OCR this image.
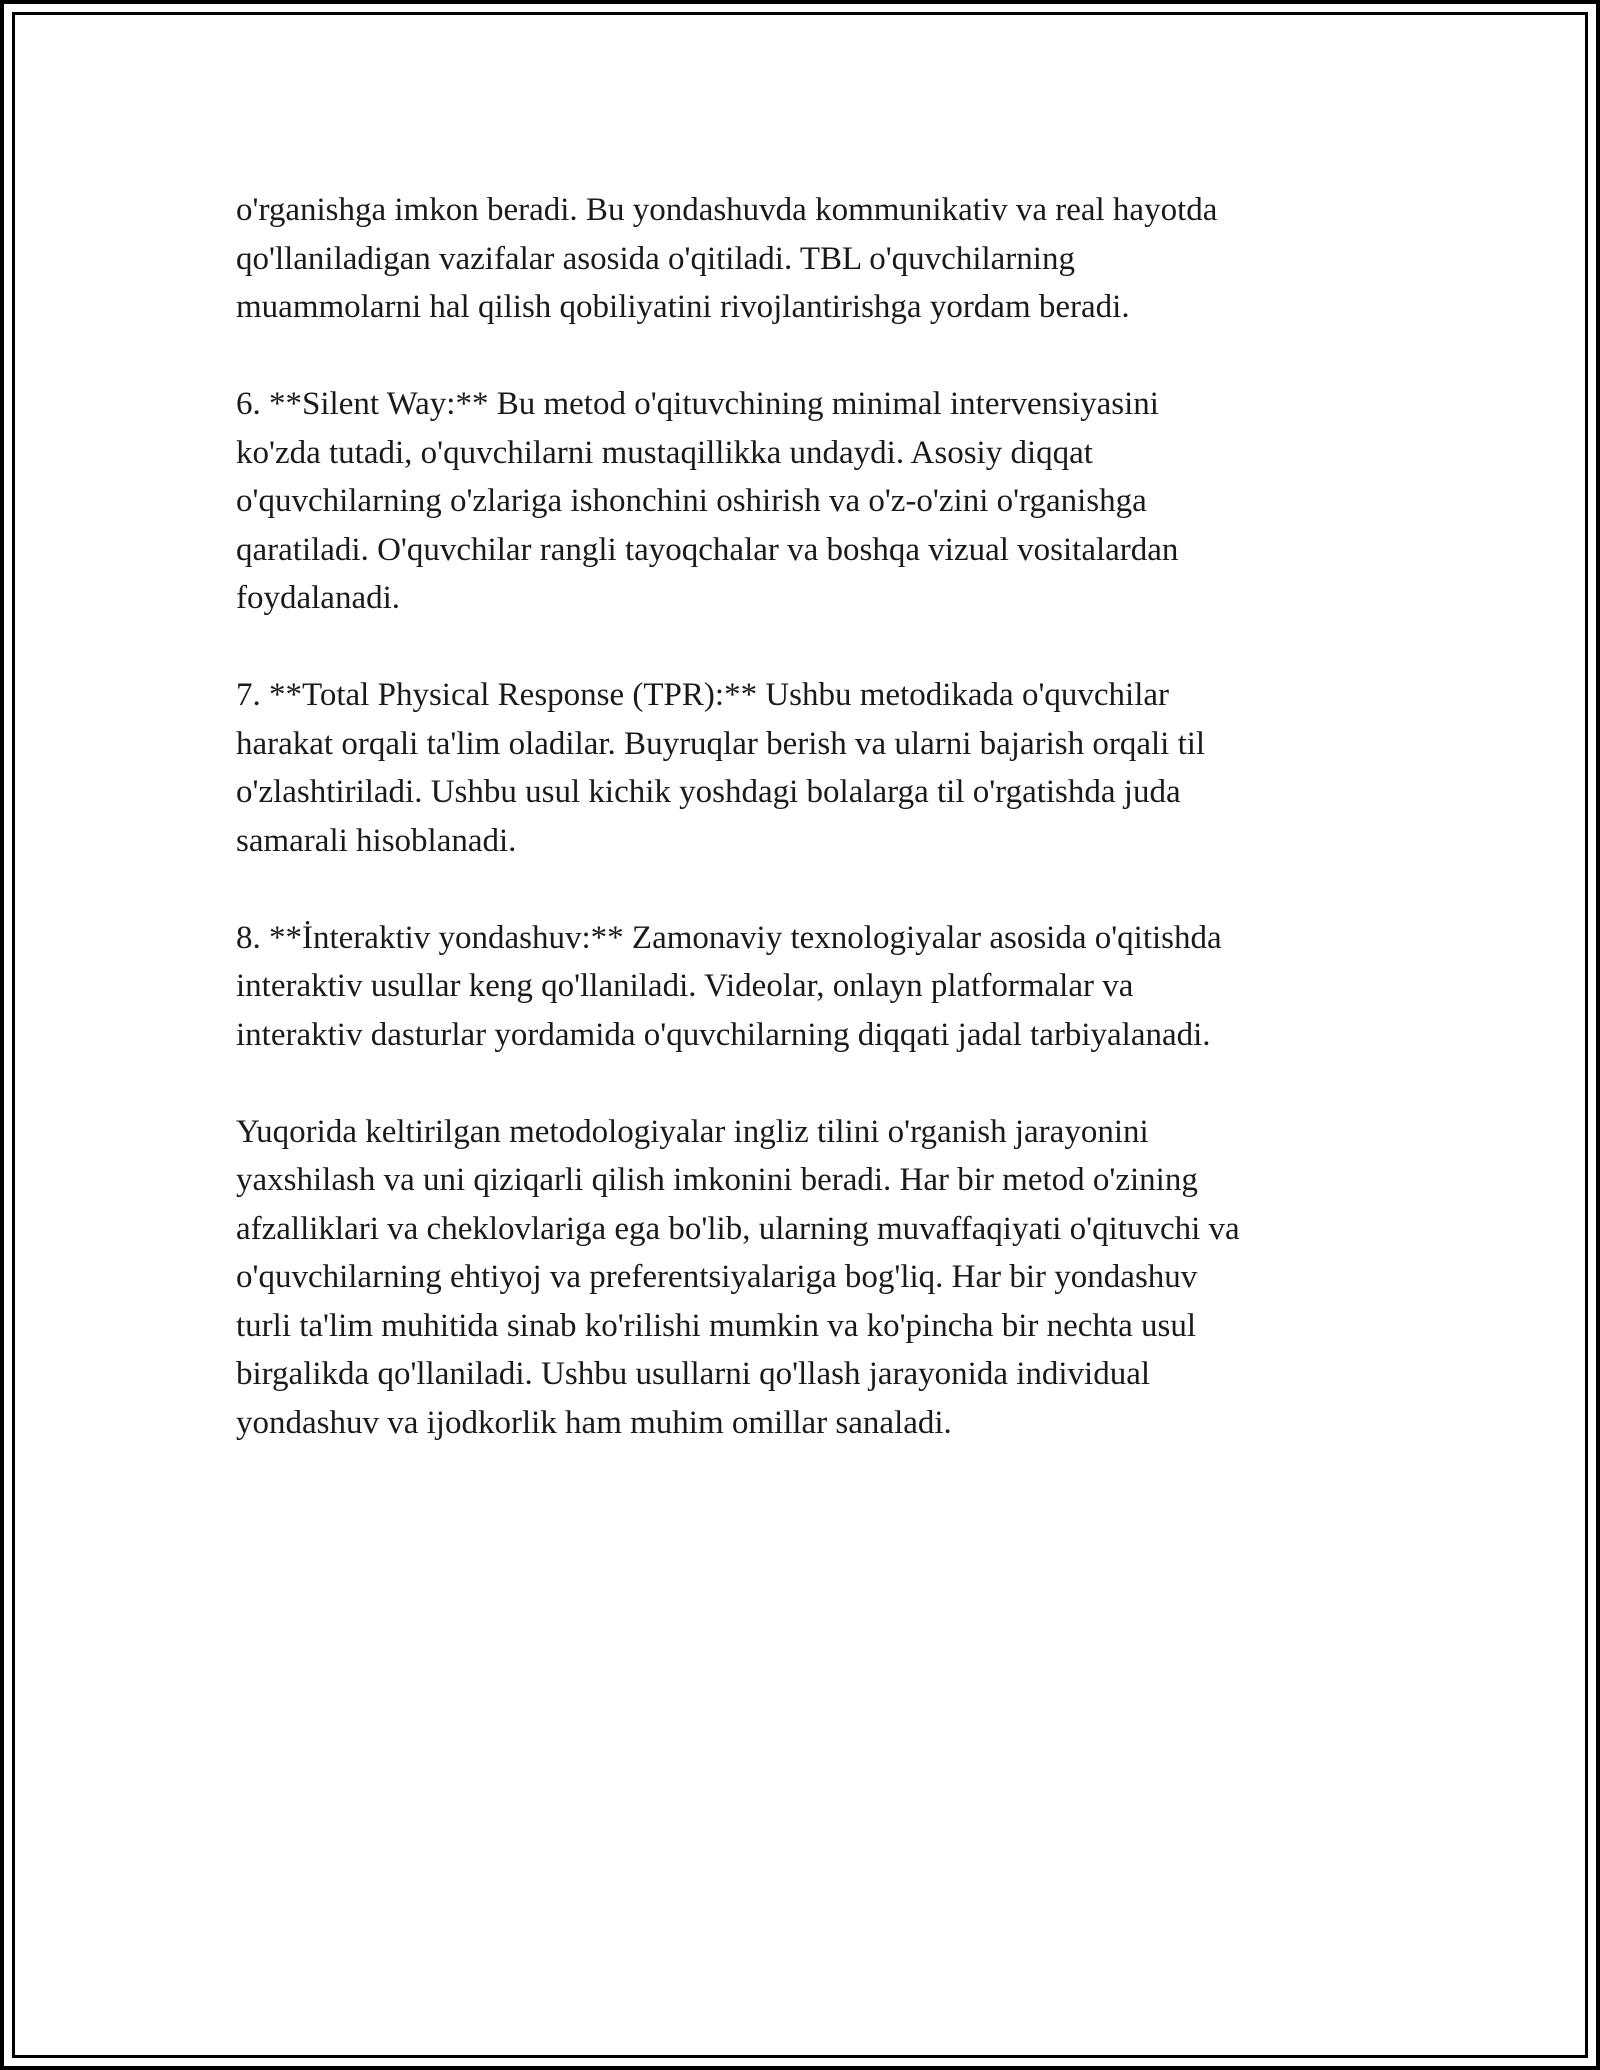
o'rganishga imkon beradi. Bu yondashuvda kommunikativ va real hayotda
qo'llaniladigan vazifalar asosida o'qitiladi. TBL o'quvchilarning
muammolarni hal qilish qobiliyatini rivojlantirishga yordam beradi.

6. **Silent Way:** Bu metod o'qituvchining minimal intervensiyasini
ko'zda tutadi, o'quvchilarni mustaqillikka undaydi. Asosiy diqqat
o'quvchilarning o'zlariga ishonchini oshirish va o'z-o'zini o'rganishga
qaratiladi. O'quvchilar rangli tayoqchalar va boshqa vizual vositalardan
foydalanadi.

7. **Total Physical Response (TPR):** Ushbu metodikada o'quvchilar
harakat orqali ta'lim oladilar. Buyruqlar berish va ularni bajarish orqali til
o'zlashtiriladi. Ushbu usul kichik yoshdagi bolalarga til o'rgatishda juda
samarali hisoblanadi.

8. **İnteraktiv yondashuv:** Zamonaviy texnologiyalar asosida o'qitishda
interaktiv usullar keng qo'llaniladi. Videolar, onlayn platformalar va
interaktiv dasturlar yordamida o'quvchilarning diqqati jadal tarbiyalanadi.

Yuqorida keltirilgan metodologiyalar ingliz tilini o'rganish jarayonini
yaxshilash va uni qiziqarli qilish imkonini beradi. Har bir metod o'zining
afzalliklari va cheklovlariga ega bo'lib, ularning muvaffaqiyati o'qituvchi va
o'quvchilarning ehtiyoj va preferentsiyalariga bog'liq. Har bir yondashuv
turli ta'lim muhitida sinab ko'rilishi mumkin va ko'pincha bir nechta usul
birgalikda qo'llaniladi. Ushbu usullarni qo'llash jarayonida individual
yondashuv va ijodkorlik ham muhim omillar sanaladi.
